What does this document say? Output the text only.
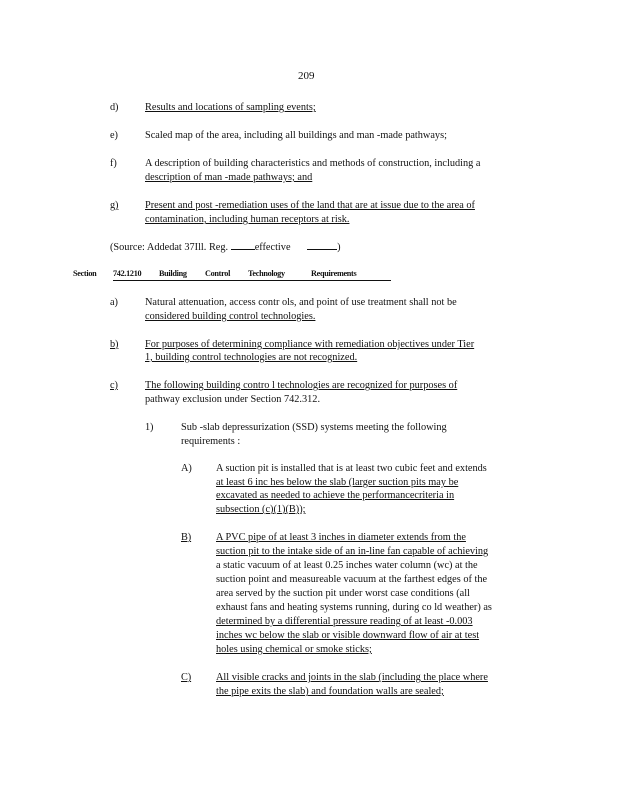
209
d)	Results and locations of sampling events;
e)	Scaled map of the area, including all buildings and man -made pathways;
f)	A description of building characteristics and methods of construction, including a
description of man -made pathways; and
g)	Present and post -remediation uses of the land that are at issue due to the area of
contamination, including human receptors at risk.
(Source: Addedat 37Ill. Reg.	effective	)
Section 742.1210 Building Control Technology	Requirements
a)	Natural attenuation, access contr ols, and point of use treatment shall not be
considered building control technologies.
b)	For purposes of determining compliance with remediation objectives under Tier
1, building control technologies are not recognized.
c)	The following building contro l technologies are recognized for purposes of
pathway exclusion under Section 742.312.
1)	Sub -slab depressurization (SSD) systems meeting the following
requirements :
A) A suction pit is installed that is at least two cubic feet and extends
at least 6 inc hes below the slab (larger suction pits may be
excavated as needed to achieve the performancecriteria in
subsection (c)(1)(B));
B) A PVC pipe of at least 3 inches in diameter extends from the
suction pit to the intake side of an in-line fan capable of achieving
a static vacuum of at least 0.25 inches water column (wc) at the
suction point and measureable vacuum at the farthest edges of the
area served by the suction pit under worst case conditions (all
exhaust fans and heating systems running, during co ld weather) as
determined by a differential pressure reading of at least -0.003
inches wc below the slab or visible downward flow of air at test
holes using chemical or smoke sticks;
C) All visible cracks and joints in the slab (including the place where
the pipe exits the slab) and foundation walls are sealed;
